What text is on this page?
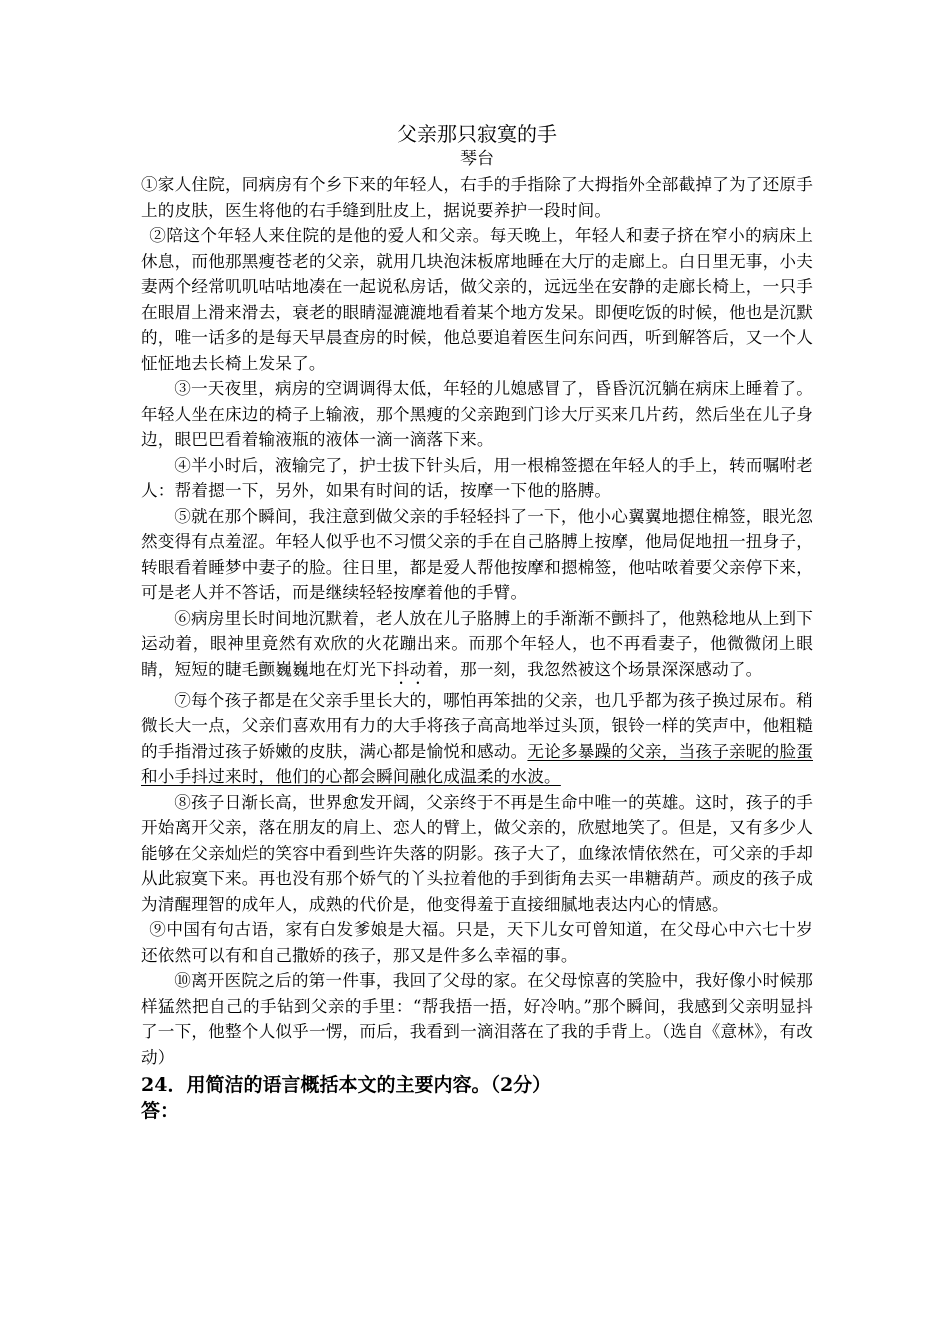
父亲那只寂寞的手

琴台

①家人住院，同病房有个乡下来的年轻人，右手的手指除了大拇指外全部截掉了为了还原手上的皮肤，医生将他的右手缝到肚皮上，据说要养护一段时间。

②陪这个年轻人来住院的是他的爱人和父亲。每天晚上，年轻人和妻子挤在窄小的病床上休息，而他那黑瘦苍老的父亲，就用几块泡沫板席地睡在大厅的走廊上。白日里无事，小夫妻两个经常叽叽咕咕地凑在一起说私房话，做父亲的，远远坐在安静的走廊长椅上，一只手在眼眉上滑来滑去，衰老的眼睛湿漉漉地看着某个地方发呆。即便吃饭的时候，他也是沉默的，唯一话多的是每天早晨查房的时候，他总要追着医生问东问西，听到解答后，又一个人怔怔地去长椅上发呆了。

③一天夜里，病房的空调调得太低，年轻的儿媳感冒了，昏昏沉沉躺在病床上睡着了。年轻人坐在床边的椅子上输液，那个黑瘦的父亲跑到门诊大厅买来几片药，然后坐在儿子身边，眼巴巴看着输液瓶的液体一滴一滴落下来。

④半小时后，液输完了，护士拔下针头后，用一根棉签摁在年轻人的手上，转而嘱咐老人：帮着摁一下，另外，如果有时间的话，按摩一下他的胳膊。

⑤就在那个瞬间，我注意到做父亲的手轻轻抖了一下，他小心翼翼地摁住棉签，眼光忽然变得有点羞涩。年轻人似乎也不习惯父亲的手在自己胳膊上按摩，他局促地扭一扭身子，转眼看着睡梦中妻子的脸。往日里，都是爱人帮他按摩和摁棉签，他咕哝着要父亲停下来，可是老人并不答话，而是继续轻轻按摩着他的手臂。

⑥病房里长时间地沉默着，老人放在儿子胳膊上的手渐渐不颤抖了，他熟稔地从上到下运动着，眼神里竟然有欢欣的火花蹦出来。而那个年轻人，也不再看妻子，他微微闭上眼睛，短短的睫毛颤巍巍地在灯光下抖动着，那一刻，我忽然被这个场景深深感动了。

⑦每个孩子都是在父亲手里长大的，哪怕再笨拙的父亲，也几乎都为孩子换过尿布。稍微长大一点，父亲们喜欢用有力的大手将孩子高高地举过头顶，银铃一样的笑声中，他粗糙的手指滑过孩子娇嫩的皮肤，满心都是愉悦和感动。无论多暴躁的父亲，当孩子亲昵的脸蛋和小手抖过来时，他们的心都会瞬间融化成温柔的水波。

⑧孩子日渐长高，世界愈发开阔，父亲终于不再是生命中唯一的英雄。这时，孩子的手开始离开父亲，落在朋友的肩上、恋人的臂上，做父亲的，欣慰地笑了。但是，又有多少人能够在父亲灿烂的笑容中看到些许失落的阴影。孩子大了，血缘浓情依然在，可父亲的手却从此寂寞下来。再也没有那个娇气的丫头拉着他的手到街角去买一串糖葫芦。顽皮的孩子成为清醒理智的成年人，成熟的代价是，他变得羞于直接细腻地表达内心的情感。

⑨中国有句古语，家有白发爹娘是大福。只是，天下儿女可曾知道，在父母心中六七十岁还依然可以有和自己撒娇的孩子，那又是件多么幸福的事。

⑩离开医院之后的第一件事，我回了父母的家。在父母惊喜的笑脸中，我好像小时候那样猛然把自己的手钻到父亲的手里：“帮我捂一捂，好冷呐。”那个瞬间，我感到父亲明显抖了一下，他整个人似乎一愣，而后，我看到一滴泪落在了我的手背上。（选自《意林》，有改动）

24．用简洁的语言概括本文的主要内容。（2分）

答：
